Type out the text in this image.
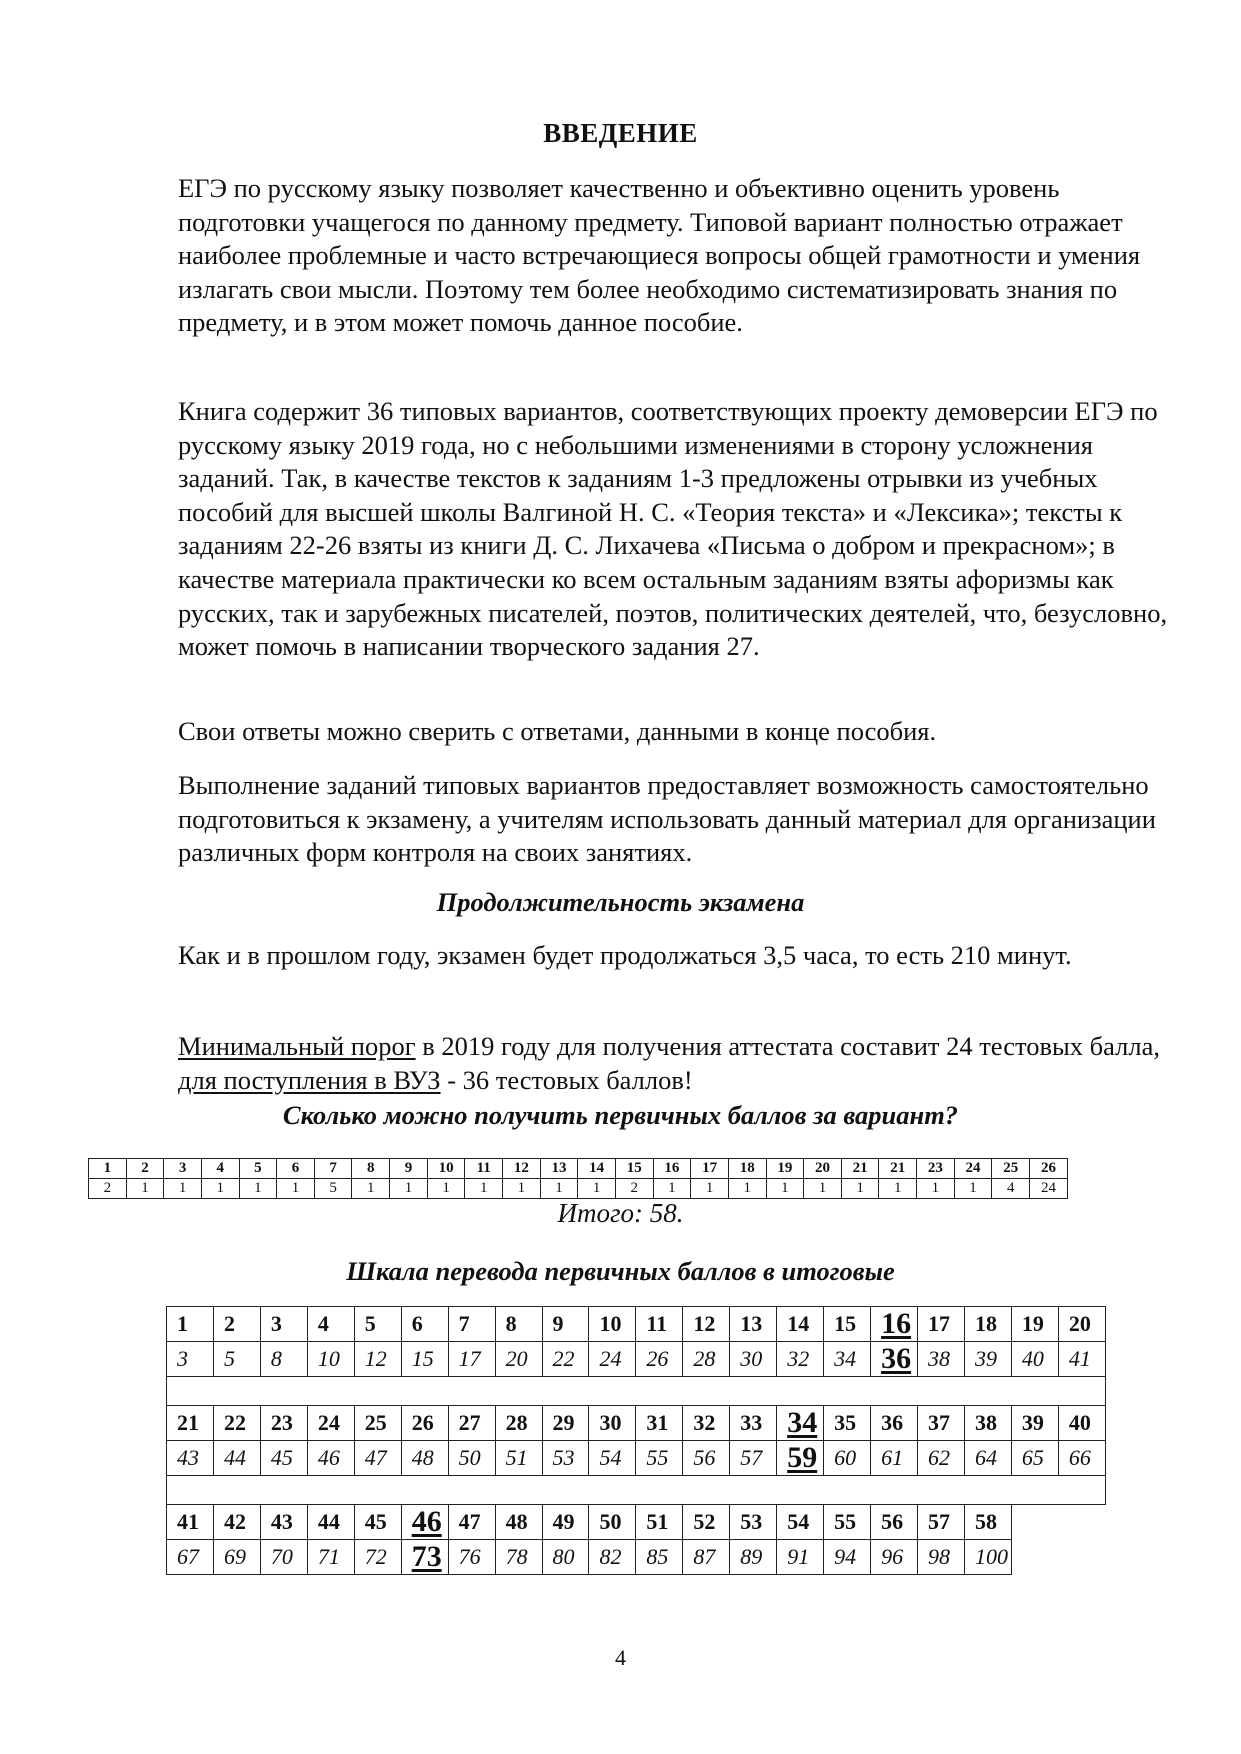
ВВЕДЕНИЕ

ЕГЭ по русскому языку позволяет качественно и объективно оценить уровень подготовки учащегося по данному предмету. Типовой вариант полностью отражает наиболее проблемные и часто встречающиеся вопросы общей грамотности и умения излагать свои мысли. Поэтому тем более необходимо систематизировать знания по предмету, и в этом может помочь данное пособие.

Книга содержит 36 типовых вариантов, соответствующих проекту демоверсии ЕГЭ по русскому языку 2019 года, но с небольшими изменениями в сторону усложнения заданий. Так, в качестве текстов к заданиям 1-3 предложены отрывки из учебных пособий для высшей школы Валгиной Н. С. «Теория текста» и «Лексика»; тексты к заданиям 22-26 взяты из книги Д. С. Лихачева «Письма о добром и прекрасном»; в качестве материала практически ко всем остальным заданиям взяты афоризмы как русских, так и зарубежных писателей, поэтов, политических деятелей, что, безусловно, может помочь в написании творческого задания 27.

Свои ответы можно сверить с ответами, данными в конце пособия.

Выполнение заданий типовых вариантов предоставляет возможность самостоятельно подготовиться к экзамену, а учителям использовать данный материал для организации различных форм контроля на своих занятиях.

Продолжительность экзамена

Как и в прошлом году, экзамен будет продолжаться 3,5 часа, то есть 210 минут.

Минимальный порог в 2019 году для получения аттестата составит 24 тестовых балла, для поступления в ВУЗ - 36 тестовых баллов!

Сколько можно получить первичных баллов за вариант?
1	2	3	4	5	6	7	8	9	10	11	12	13	14	15	16	17	18	19	20	21	21	23	24	25	26
2	1	1	1	1	1	5	1	1	1	1	1	1	1	2	1	1	1	1	1	1	1	1	1	4	24
Итого: 58.
Шкала перевода первичных баллов в итоговые
1	2	3	4	5	6	7	8	9	10	11	12	13	14	15	16	17	18	19	20
3	5	8	10	12	15	17	20	22	24	26	28	30	32	34	36	38	39	40	41

21	22	23	24	25	26	27	28	29	30	31	32	33	34	35	36	37	38	39	40
43	44	45	46	47	48	50	51	53	54	55	56	57	59	60	61	62	64	65	66

41	42	43	44	45	46	47	48	49	50	51	52	53	54	55	56	57	58		
67	69	70	71	72	73	76	78	80	82	85	87	89	91	94	96	98	100		
4
